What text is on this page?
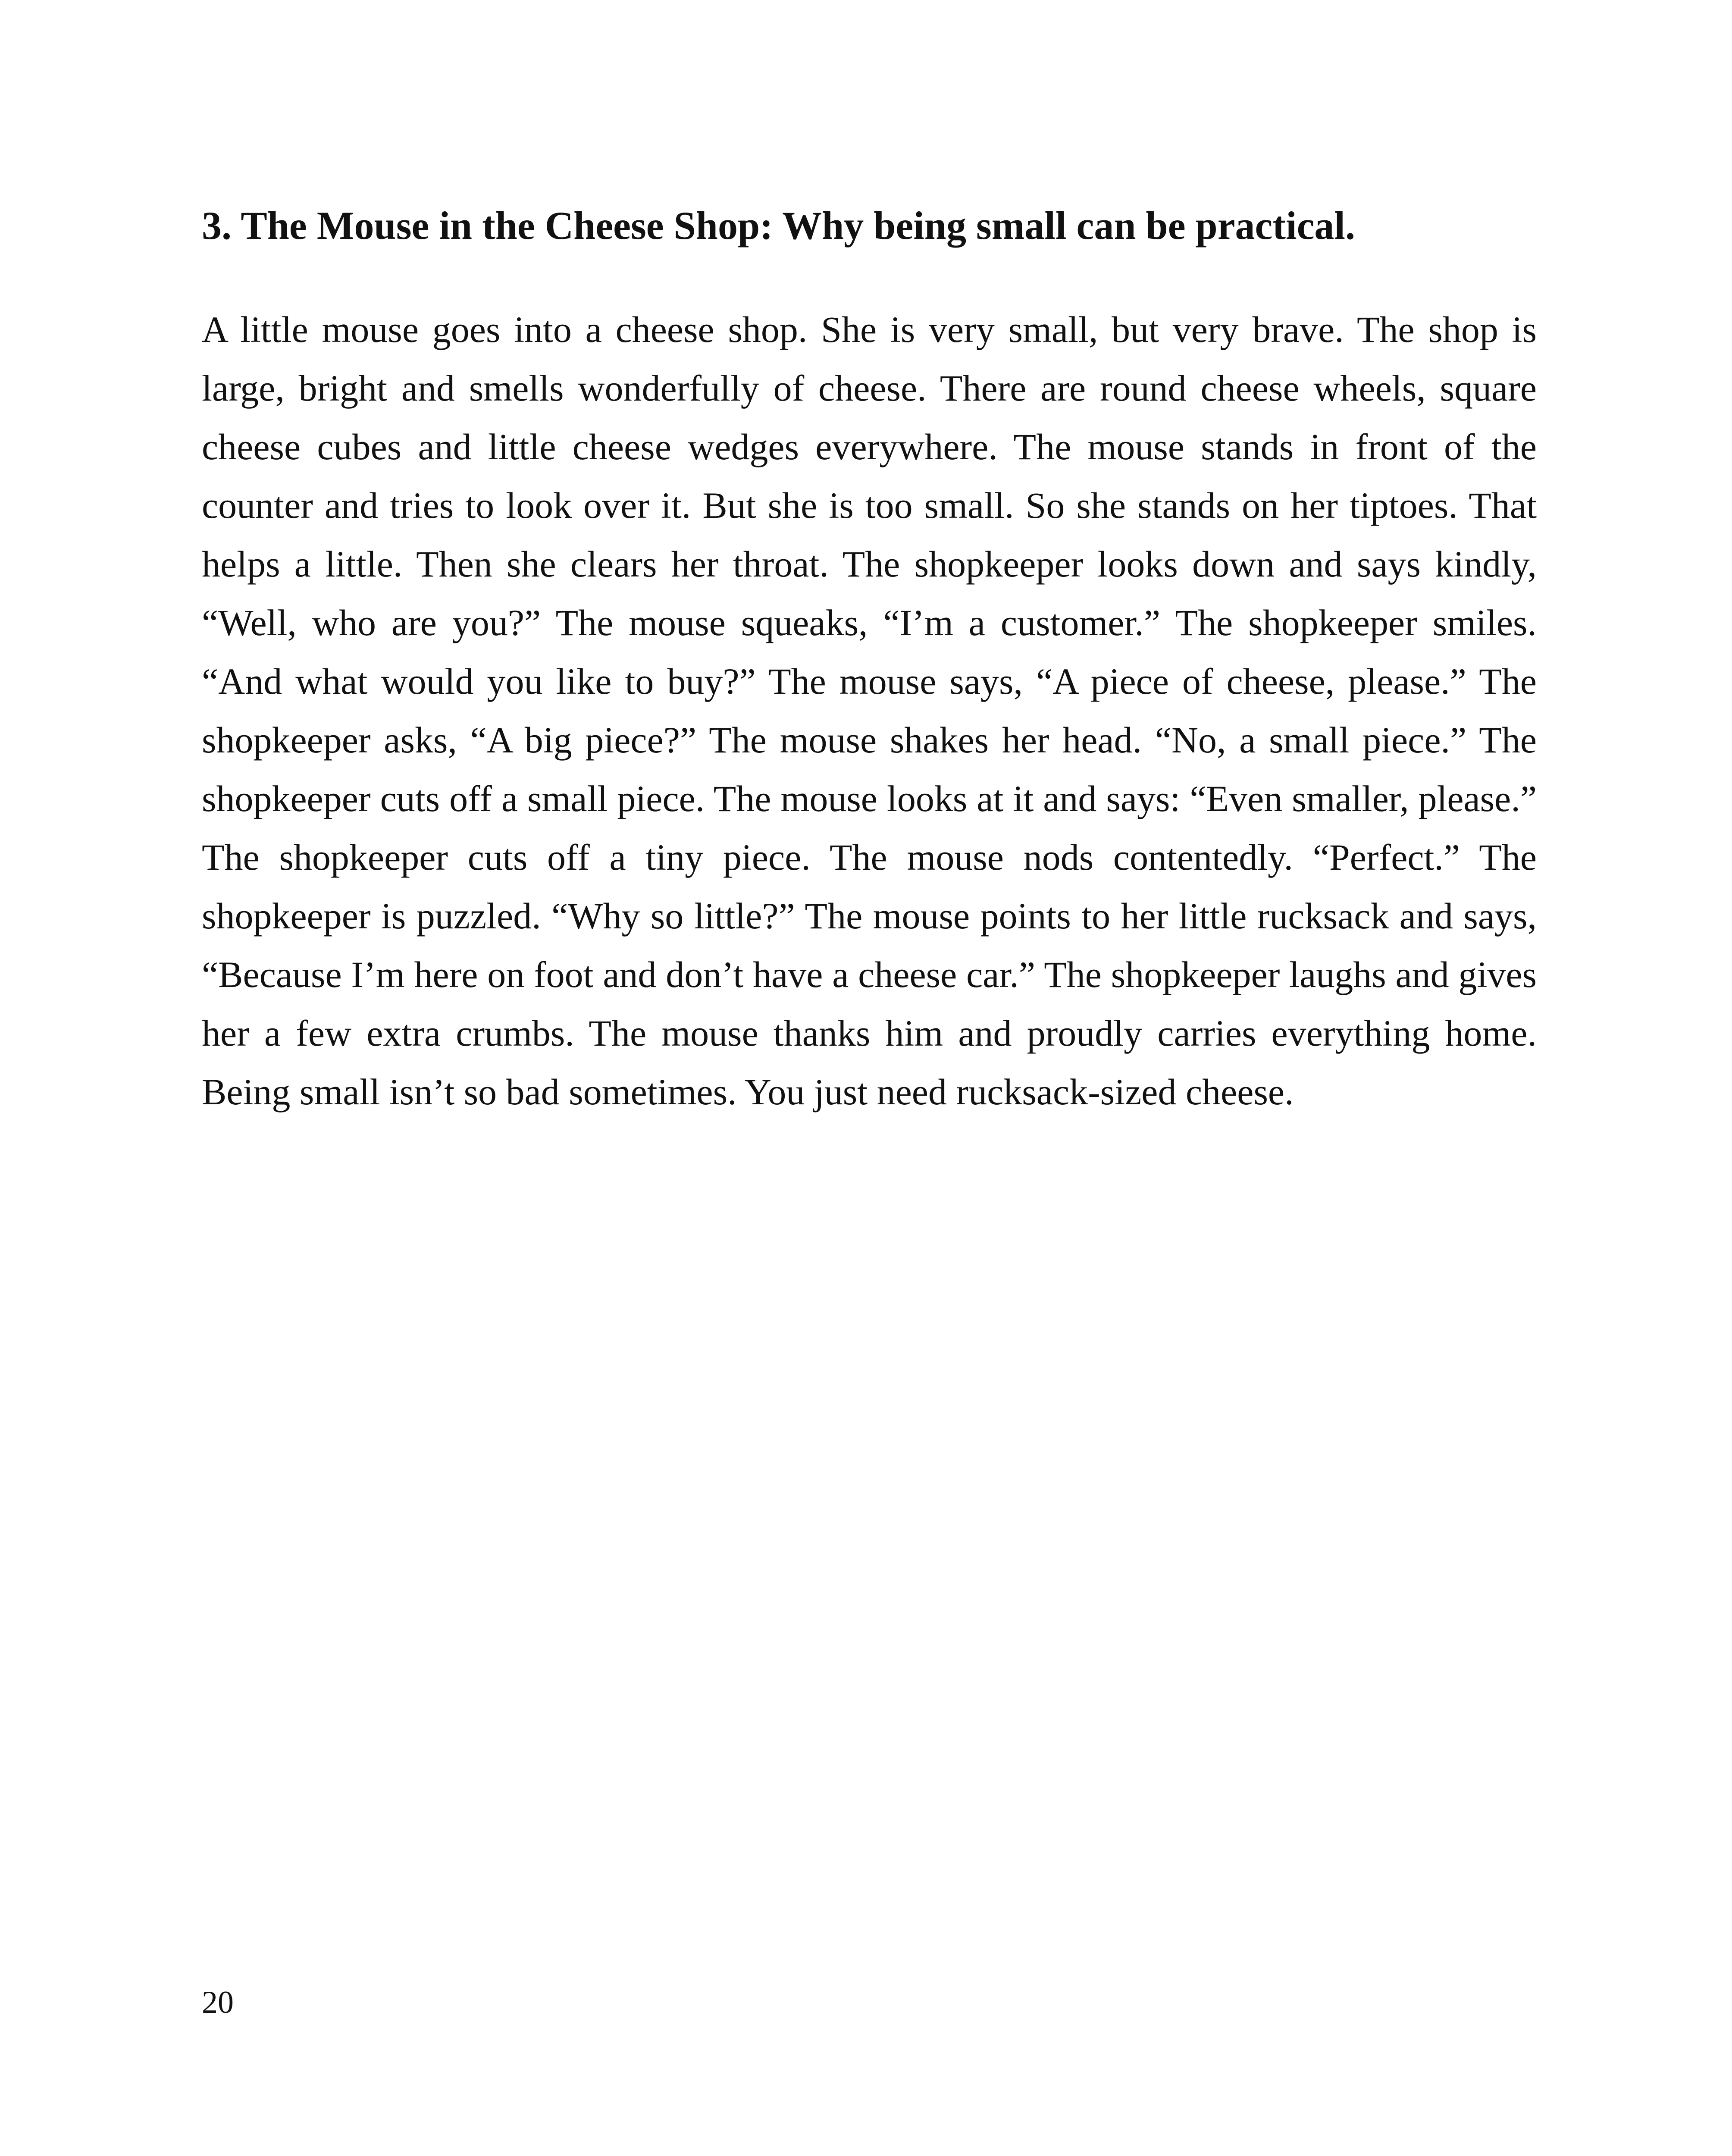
3. The Mouse in the Cheese Shop: Why being small can be practical.

A little mouse goes into a cheese shop. She is very small, but very brave. The shop is large, bright and smells wonderfully of cheese. There are round cheese wheels, square cheese cubes and little cheese wedges everywhere. The mouse stands in front of the counter and tries to look over it. But she is too small. So she stands on her tiptoes. That helps a little. Then she clears her throat. The shopkeeper looks down and says kindly, “Well, who are you?” The mouse squeaks, “I’m a customer.” The shopkeeper smiles. “And what would you like to buy?” The mouse says, “A piece of cheese, please.” The shopkeeper asks, “A big piece?” The mouse shakes her head. “No, a small piece.” The shopkeeper cuts off a small piece. The mouse looks at it and says: “Even smaller, please.” The shopkeeper cuts off a tiny piece. The mouse nods contentedly. “Perfect.” The shopkeeper is puzzled. “Why so little?” The mouse points to her little rucksack and says, “Because I’m here on foot and don’t have a cheese car.” The shopkeeper laughs and gives her a few extra crumbs. The mouse thanks him and proudly carries everything home. Being small isn’t so bad sometimes. You just need rucksack-sized cheese.

20
